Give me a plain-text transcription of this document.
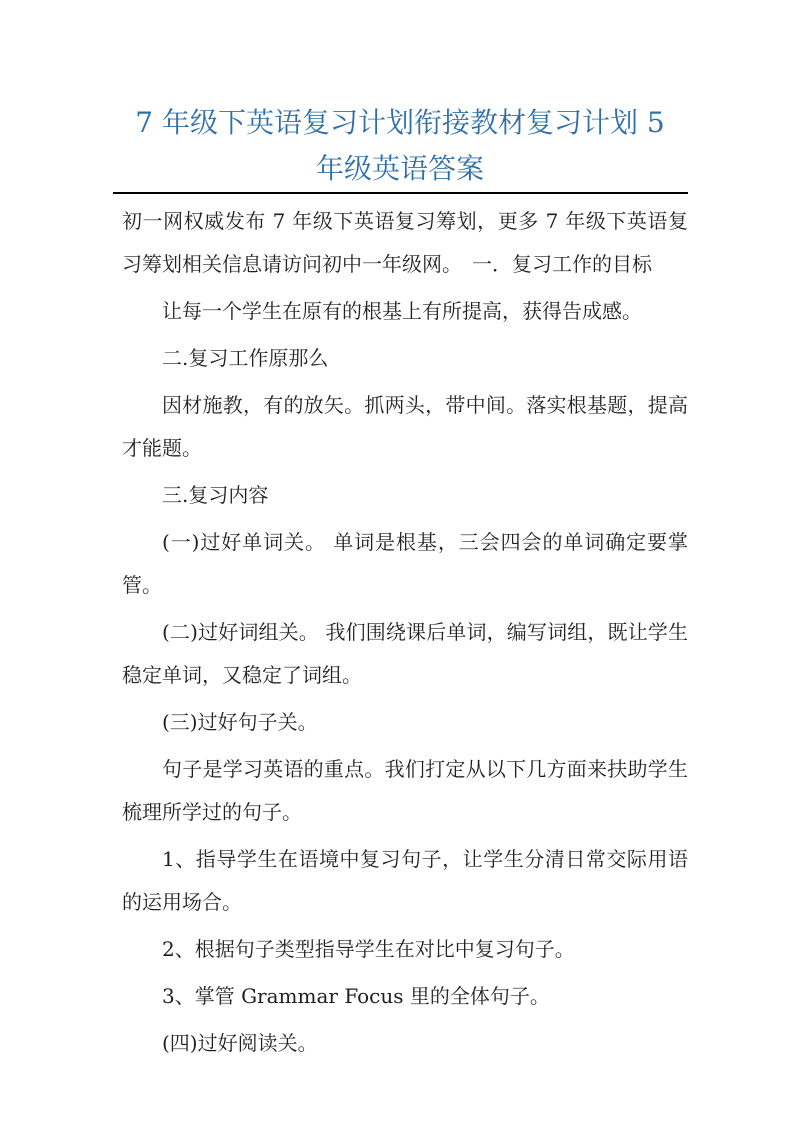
7 年级下英语复习计划衔接教材复习计划 5
年级英语答案

初一网权威发布 7 年级下英语复习筹划，更多 7 年级下英语复习筹划相关信息请访问初中一年级网。　一．复习工作的目标

让每一个学生在原有的根基上有所提高，获得告成感。

二.复习工作原那么

因材施教，有的放矢。抓两头，带中间。落实根基题，提高才能题。

三.复习内容

(一)过好单词关。 单词是根基，三会四会的单词确定要掌管。

(二)过好词组关。 我们围绕课后单词，编写词组，既让学生稳定单词，又稳定了词组。

(三)过好句子关。

句子是学习英语的重点。我们打定从以下几方面来扶助学生梳理所学过的句子。

1、指导学生在语境中复习句子，让学生分清日常交际用语的运用场合。

2、根据句子类型指导学生在对比中复习句子。

3、掌管 Grammar Focus 里的全体句子。

(四)过好阅读关。
